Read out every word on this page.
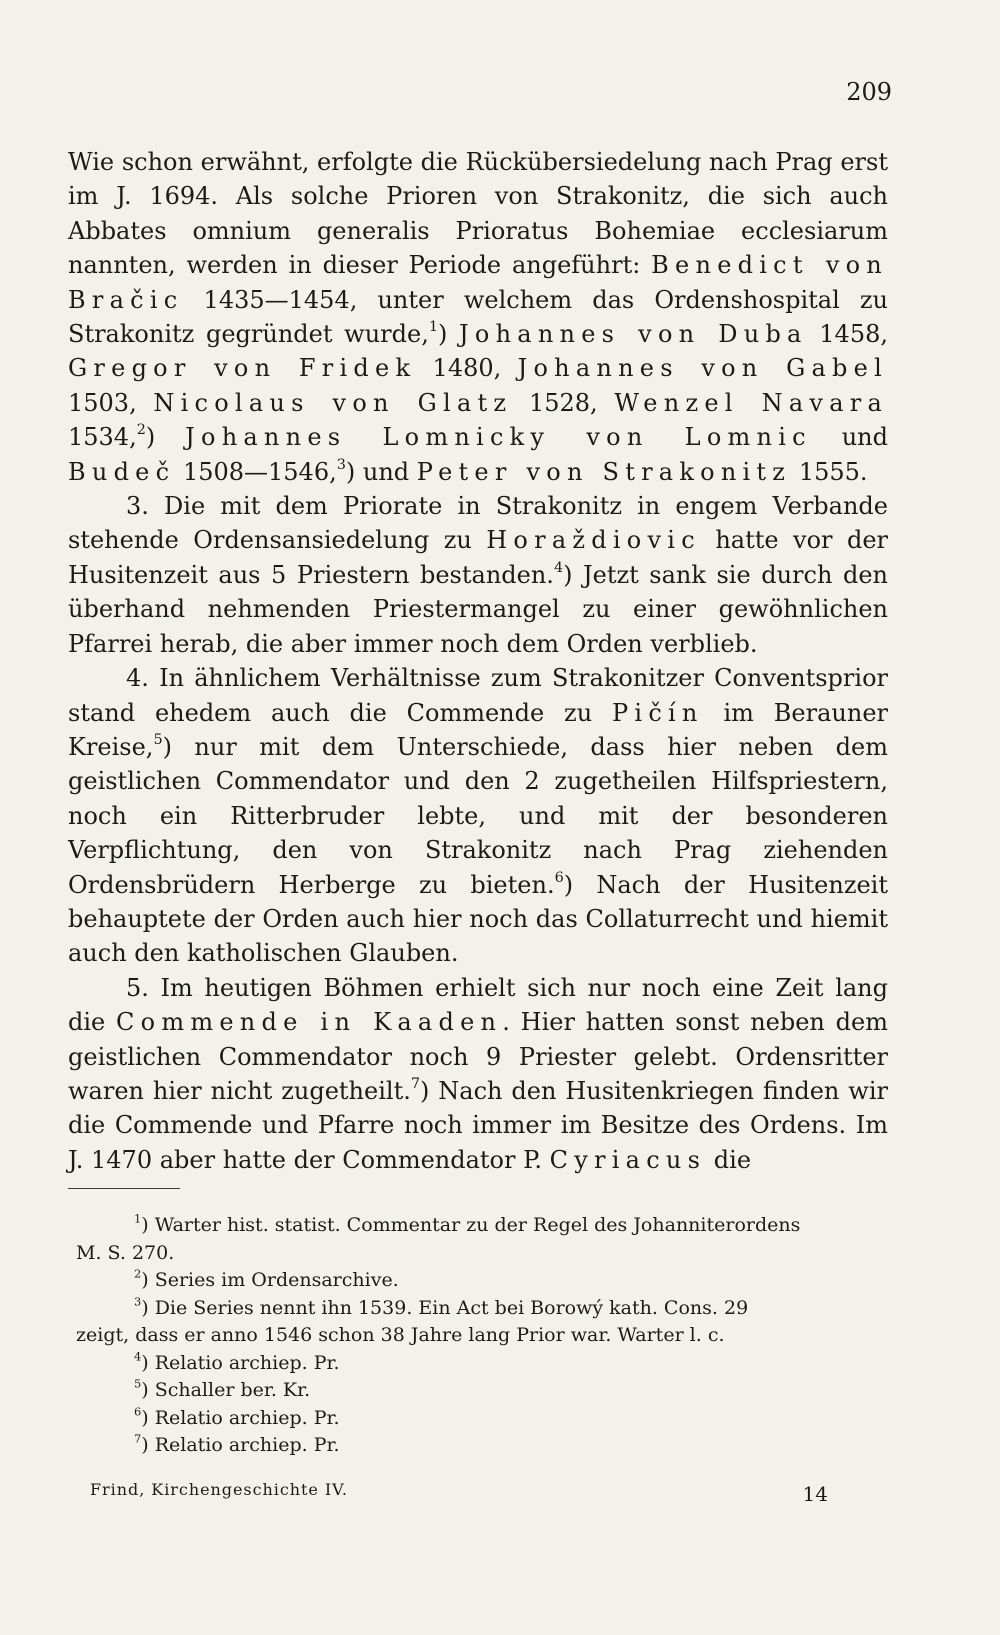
209

Wie schon erwähnt, erfolgte die Rückübersiedelung nach Prag erst im J. 1694. Als solche Prioren von Strakonitz, die sich auch Abbates omnium generalis Prioratus Bohemiae ecclesiarum nannten, werden in dieser Periode angeführt: Benedict von Bračic 1435—1454, unter welchem das Ordenshospital zu Strakonitz gegründet wurde,$^1$) Johannes von Duba 1458, Gregor von Fridek 1480, Johannes von Gabel 1503, Nicolaus von Glatz 1528, Wenzel Navara 1534,$^2$) Johannes Lomnicky von Lomnic und Budeč 1508—1546,$^3$) und Peter von Strakonitz 1555.

3. Die mit dem Priorate in Strakonitz in engem Verbande stehende Ordensansiedelung zu Horaždiovic hatte vor der Husitenzeit aus 5 Priestern bestanden.$^4$) Jetzt sank sie durch den überhand nehmenden Priestermangel zu einer gewöhnlichen Pfarrei herab, die aber immer noch dem Orden verblieb.

4. In ähnlichem Verhältnisse zum Strakonitzer Conventsprior stand ehedem auch die Commende zu Pičín im Berauner Kreise,$^5$) nur mit dem Unterschiede, dass hier neben dem geistlichen Commendator und den 2 zugetheilen Hilfspriestern, noch ein Ritterbruder lebte, und mit der besonderen Verpflichtung, den von Strakonitz nach Prag ziehenden Ordensbrüdern Herberge zu bieten.$^6$) Nach der Husitenzeit behauptete der Orden auch hier noch das Collaturrecht und hiemit auch den katholischen Glauben.

5. Im heutigen Böhmen erhielt sich nur noch eine Zeit lang die Commende in Kaaden. Hier hatten sonst neben dem geistlichen Commendator noch 9 Priester gelebt. Ordensritter waren hier nicht zugetheilt.$^7$) Nach den Husitenkriegen finden wir die Commende und Pfarre noch immer im Besitze des Ordens. Im J. 1470 aber hatte der Commendator P. Cyriacus die

$^1$) Warter hist. statist. Commentar zu der Regel des Johanniterordens

M. S. 270.

$^2$) Series im Ordensarchive.

$^3$) Die Series nennt ihn 1539. Ein Act bei Borowý kath. Cons. 29

zeigt, dass er anno 1546 schon 38 Jahre lang Prior war. Warter l. c.

$^4$) Relatio archiep. Pr.

$^5$) Schaller ber. Kr.

$^6$) Relatio archiep. Pr.

$^7$) Relatio archiep. Pr.

Frind, Kirchengeschichte IV.	14
